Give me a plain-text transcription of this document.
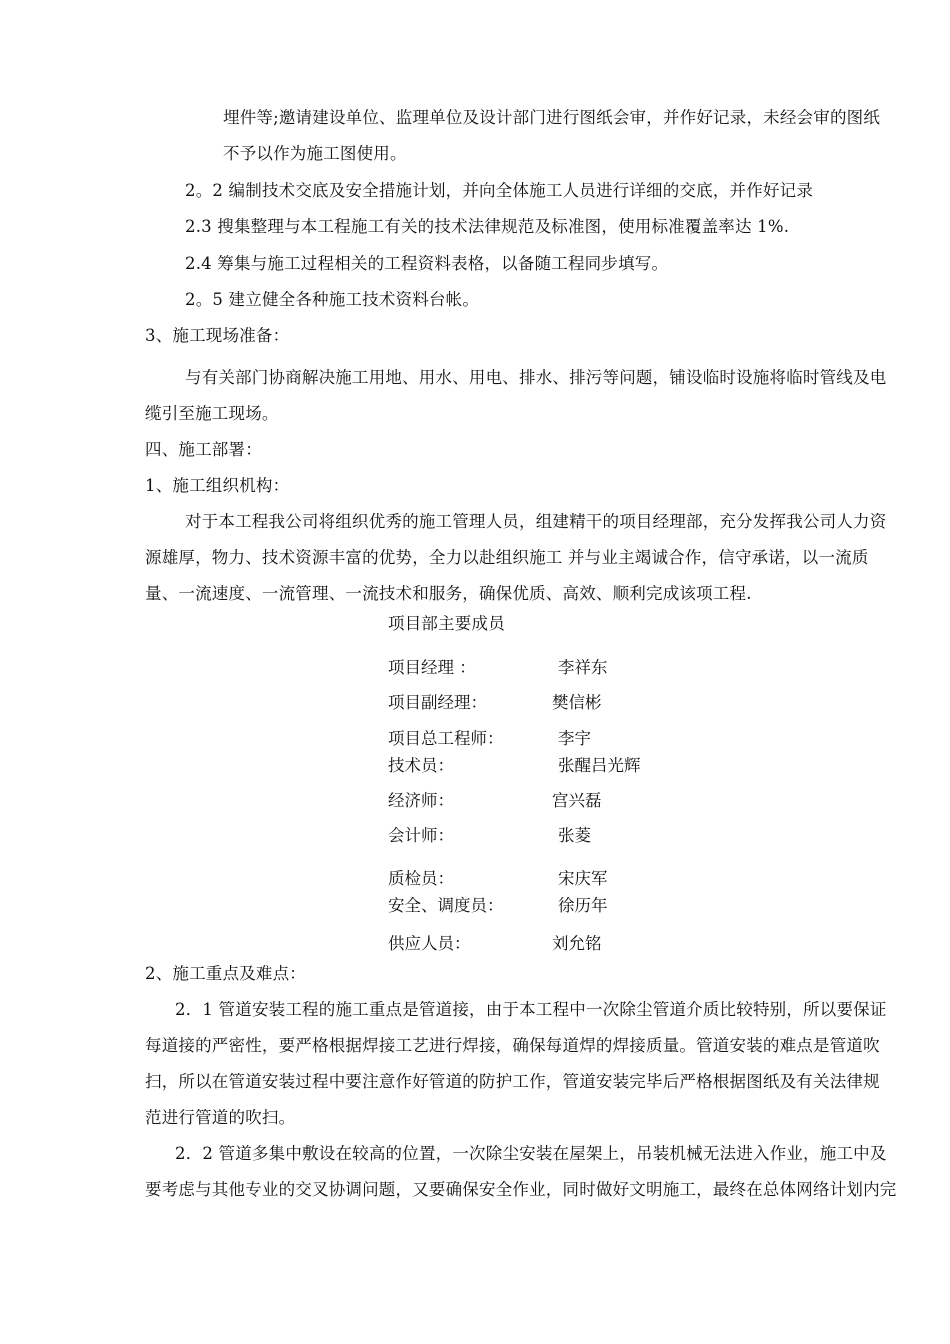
埋件等;邀请建设单位、监理单位及设计部门进行图纸会审，并作好记录，未经会审的图纸
不予以作为施工图使用。
2。2 编制技术交底及安全措施计划，并向全体施工人员进行详细的交底，并作好记录
2.3 搜集整理与本工程施工有关的技术法律规范及标准图，使用标准覆盖率达 1%.
2.4 筹集与施工过程相关的工程资料表格，以备随工程同步填写。
2。5 建立健全各种施工技术资料台帐。
3、施工现场准备：
与有关部门协商解决施工用地、用水、用电、排水、排污等问题，铺设临时设施将临时管线及电
缆引至施工现场。
四、施工部署：
1、施工组织机构：
对于本工程我公司将组织优秀的施工管理人员，组建精干的项目经理部，充分发挥我公司人力资
源雄厚，物力、技术资源丰富的优势，全力以赴组织施工 并与业主竭诚合作，信守承诺，以一流质
量、一流速度、一流管理、一流技术和服务，确保优质、高效、顺利完成该项工程.
项目部主要成员
项目经理 ：	李祥东
项目副经理：	樊信彬
项目总工程师：	李宇
技术员：	张醒吕光辉
经济师：	宫兴磊
会计师：	张菱
质检员：	宋庆军
安全、调度员：	徐历年
供应人员：	刘允铭
2、施工重点及难点：
2．1 管道安装工程的施工重点是管道接，由于本工程中一次除尘管道介质比较特别，所以要保证
每道接的严密性，要严格根据焊接工艺进行焊接，确保每道焊的焊接质量。管道安装的难点是管道吹
扫，所以在管道安装过程中要注意作好管道的防护工作，管道安装完毕后严格根据图纸及有关法律规
范进行管道的吹扫。
2．2 管道多集中敷设在较高的位置，一次除尘安装在屋架上，吊装机械无法进入作业，施工中及
要考虑与其他专业的交叉协调问题，又要确保安全作业，同时做好文明施工，最终在总体网络计划内完
